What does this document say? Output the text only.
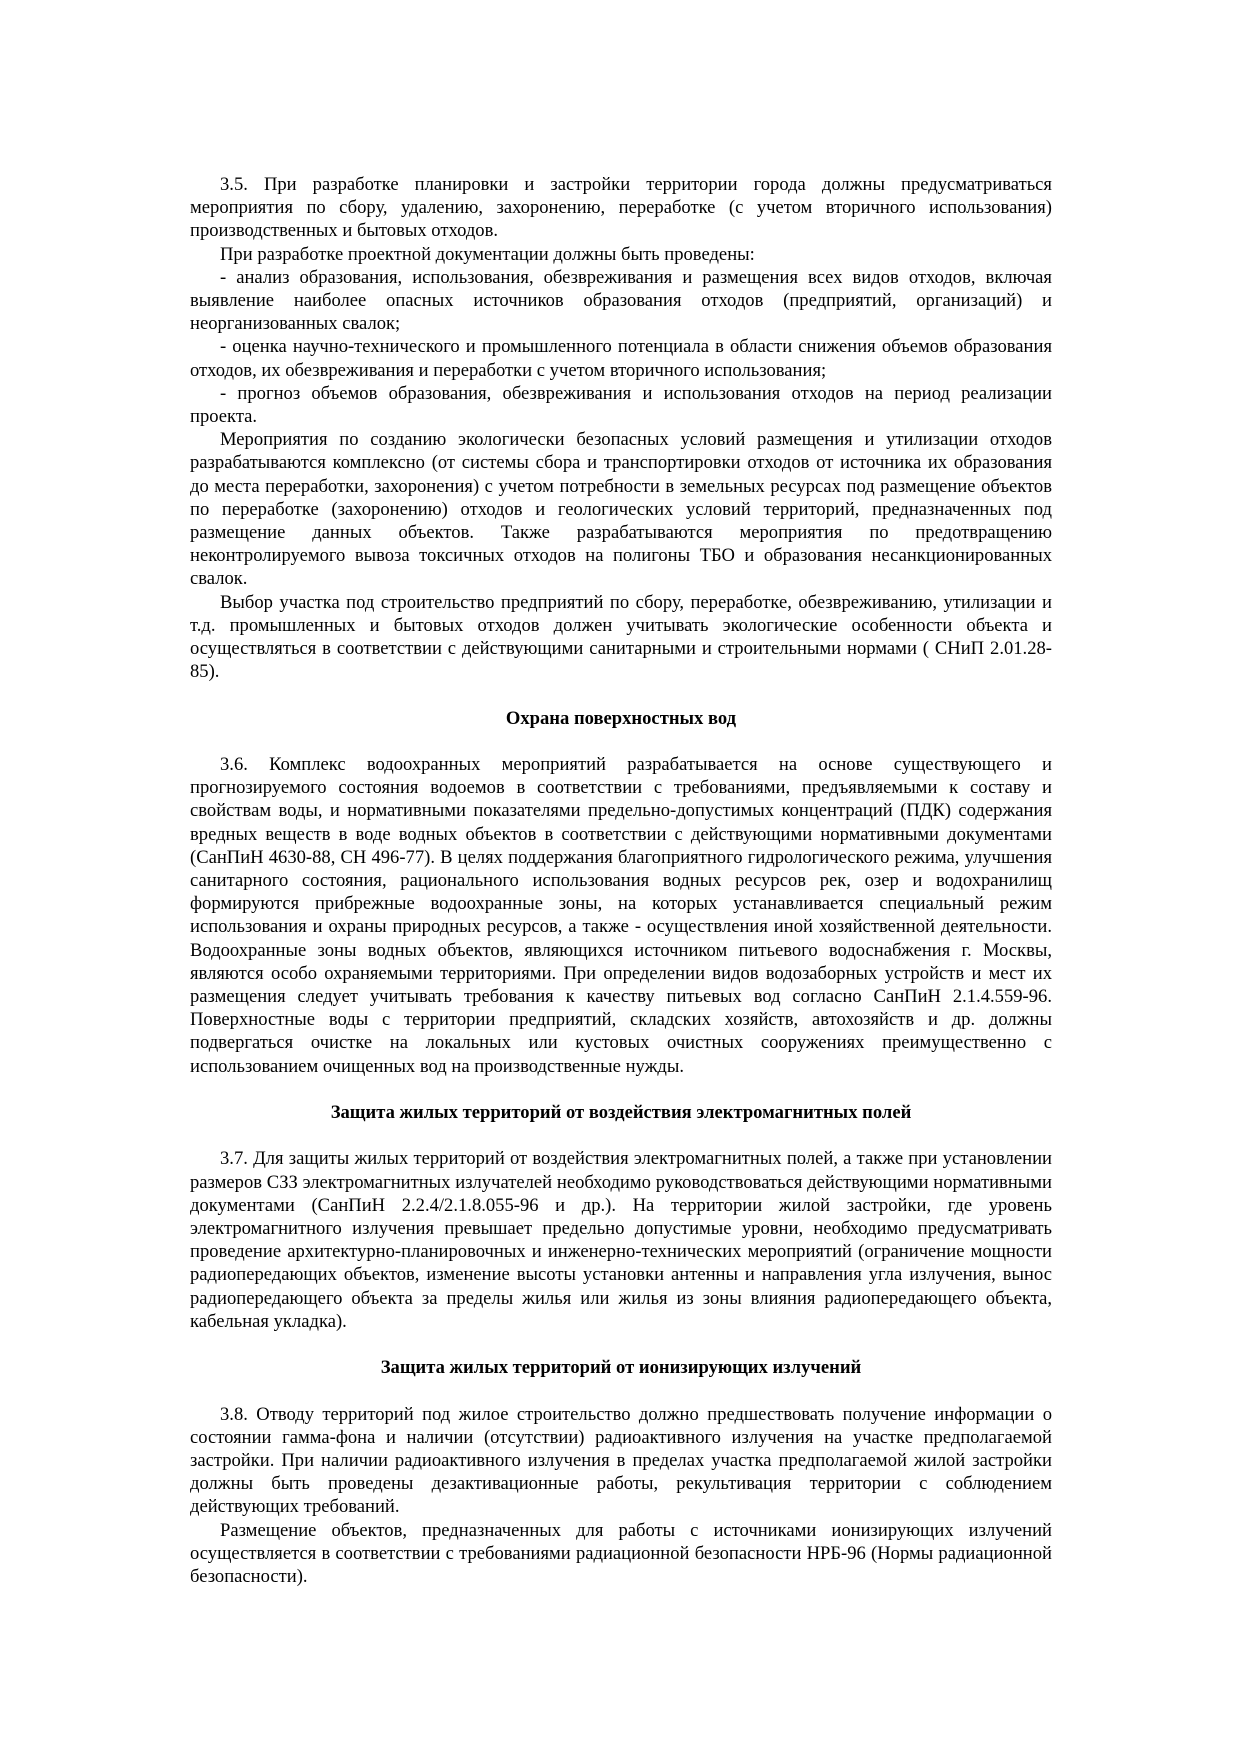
3.5. При разработке планировки и застройки территории города должны предусматриваться мероприятия по сбору, удалению, захоронению, переработке (с учетом вторичного использования) производственных и бытовых отходов.

При разработке проектной документации должны быть проведены:

- анализ образования, использования, обезвреживания и размещения всех видов отходов, включая выявление наиболее опасных источников образования отходов (предприятий, организаций) и неорганизованных свалок;

- оценка научно-технического и промышленного потенциала в области снижения объемов образования отходов, их обезвреживания и переработки с учетом вторичного использования;

- прогноз объемов образования, обезвреживания и использования отходов на период реализации проекта.

Мероприятия по созданию экологически безопасных условий размещения и утилизации отходов разрабатываются комплексно (от системы сбора и транспортировки отходов от источника их образования до места переработки, захоронения) с учетом потребности в земельных ресурсах под размещение объектов по переработке (захоронению) отходов и геологических условий территорий, предназначенных под размещение данных объектов. Также разрабатываются мероприятия по предотвращению неконтролируемого вывоза токсичных отходов на полигоны ТБО и образования несанкционированных свалок.

Выбор участка под строительство предприятий по сбору, переработке, обезвреживанию, утилизации и т.д. промышленных и бытовых отходов должен учитывать экологические особенности объекта и осуществляться в соответствии с действующими санитарными и строительными нормами ( СНиП 2.01.28-85).

Охрана поверхностных вод

3.6. Комплекс водоохранных мероприятий разрабатывается на основе существующего и прогнозируемого состояния водоемов в соответствии с требованиями, предъявляемыми к составу и свойствам воды, и нормативными показателями предельно-допустимых концентраций (ПДК) содержания вредных веществ в воде водных объектов в соответствии с действующими нормативными документами (СанПиН 4630-88, СН 496-77). В целях поддержания благоприятного гидрологического режима, улучшения санитарного состояния, рационального использования водных ресурсов рек, озер и водохранилищ формируются прибрежные водоохранные зоны, на которых устанавливается специальный режим использования и охраны природных ресурсов, а также - осуществления иной хозяйственной деятельности. Водоохранные зоны водных объектов, являющихся источником питьевого водоснабжения г. Москвы, являются особо охраняемыми территориями. При определении видов водозаборных устройств и мест их размещения следует учитывать требования к качеству питьевых вод согласно СанПиН 2.1.4.559-96. Поверхностные воды с территории предприятий, складских хозяйств, автохозяйств и др. должны подвергаться очистке на локальных или кустовых очистных сооружениях преимущественно с использованием очищенных вод на производственные нужды.

Защита жилых территорий от воздействия электромагнитных полей

3.7. Для защиты жилых территорий от воздействия электромагнитных полей, а также при установлении размеров СЗЗ электромагнитных излучателей необходимо руководствоваться действующими нормативными документами (СанПиН 2.2.4/2.1.8.055-96 и др.). На территории жилой застройки, где уровень электромагнитного излучения превышает предельно допустимые уровни, необходимо предусматривать проведение архитектурно-планировочных и инженерно-технических мероприятий (ограничение мощности радиопередающих объектов, изменение высоты установки антенны и направления угла излучения, вынос радиопередающего объекта за пределы жилья или жилья из зоны влияния радиопередающего объекта, кабельная укладка).

Защита жилых территорий от ионизирующих излучений

3.8. Отводу территорий под жилое строительство должно предшествовать получение информации о состоянии гамма-фона и наличии (отсутствии) радиоактивного излучения на участке предполагаемой застройки. При наличии радиоактивного излучения в пределах участка предполагаемой жилой застройки должны быть проведены дезактивационные работы, рекультивация территории с соблюдением действующих требований.

Размещение объектов, предназначенных для работы с источниками ионизирующих излучений осуществляется в соответствии с требованиями радиационной безопасности НРБ-96 (Нормы радиационной безопасности).
